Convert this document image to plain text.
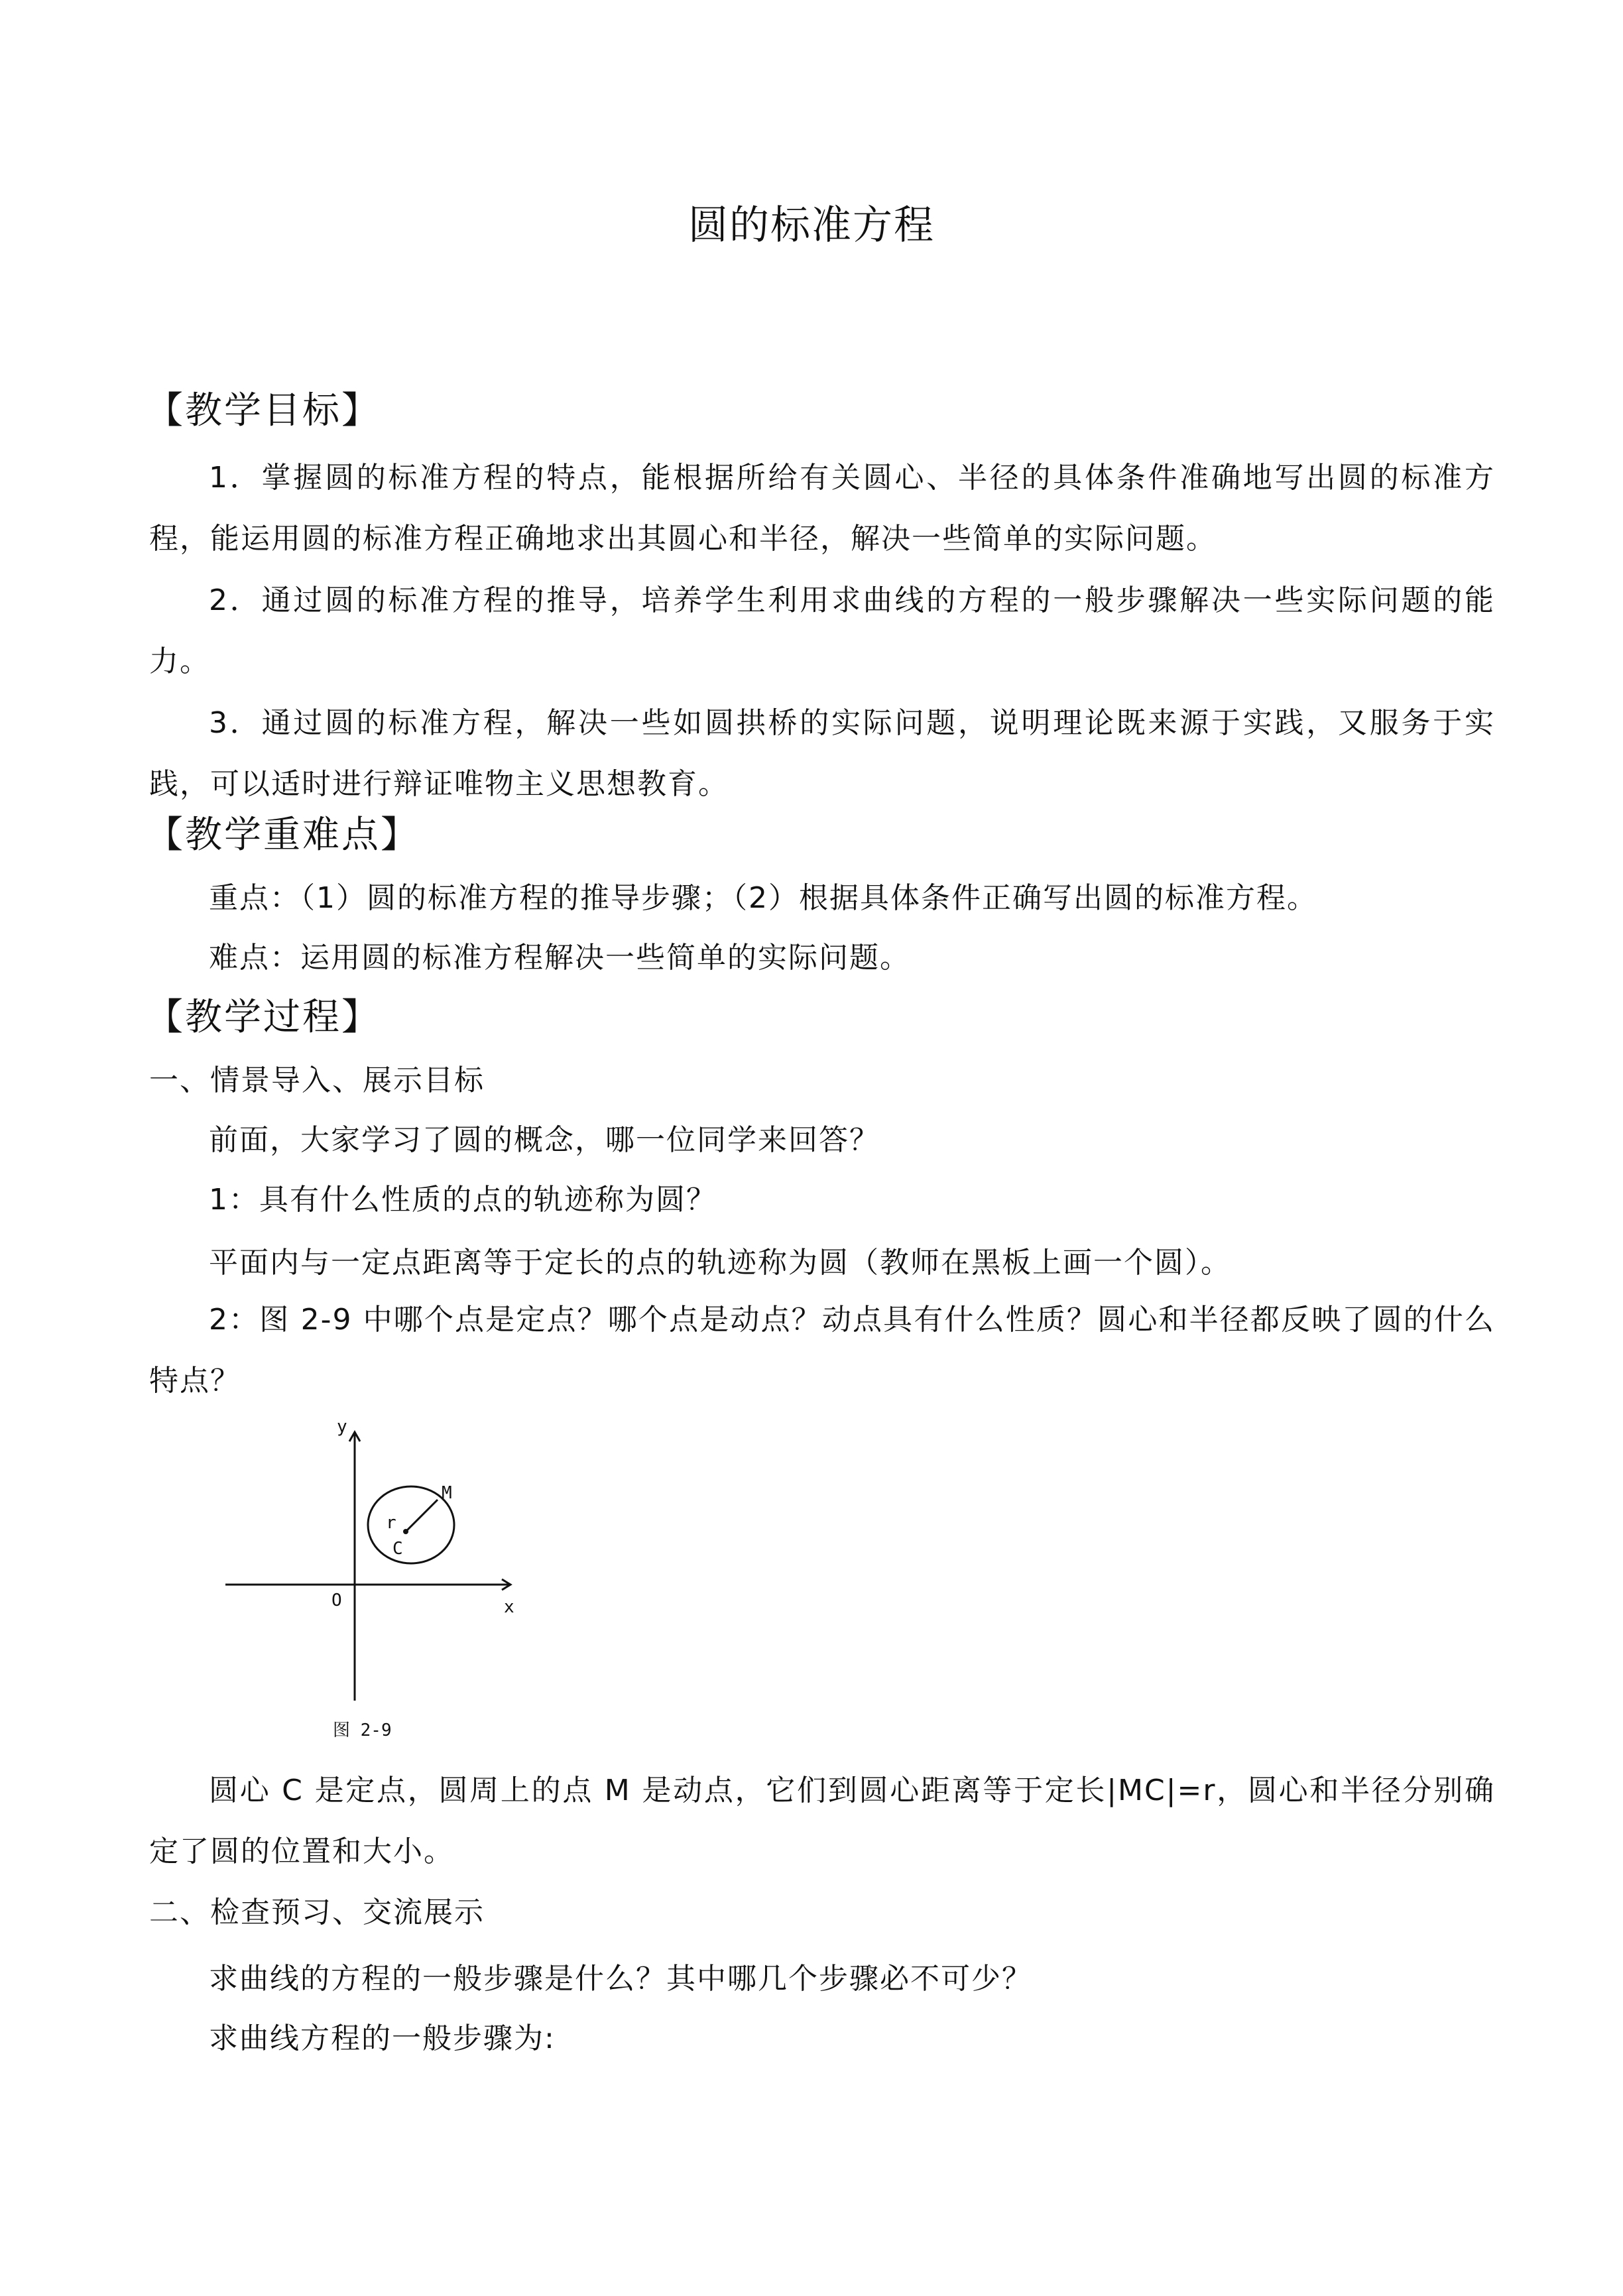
圆的标准方程
【教学目标】

1．掌握圆的标准方程的特点，能根据所给有关圆心、半径的具体条件准确地写出圆的标准方程，能运用圆的标准方程正确地求出其圆心和半径，解决一些简单的实际问题。

2．通过圆的标准方程的推导，培养学生利用求曲线的方程的一般步骤解决一些实际问题的能力。

3．通过圆的标准方程，解决一些如圆拱桥的实际问题，说明理论既来源于实践，又服务于实践，可以适时进行辩证唯物主义思想教育。

【教学重难点】
重点：（1）圆的标准方程的推导步骤；（2）根据具体条件正确写出圆的标准方程。
难点：运用圆的标准方程解决一些简单的实际问题。
【教学过程】
一、情景导入、展示目标
前面，大家学习了圆的概念，哪一位同学来回答？
1：具有什么性质的点的轨迹称为圆？
平面内与一定点距离等于定长的点的轨迹称为圆（教师在黑板上画一个圆）。

2：图 2-9 中哪个点是定点？哪个点是动点？动点具有什么性质？圆心和半径都反映了圆的什么特点？

y
x
O
C
M
r
图 2-9

圆心 C 是定点，圆周上的点 M 是动点，它们到圆心距离等于定长|MC|=r，圆心和半径分别确定了圆的位置和大小。

二、检查预习、交流展示
求曲线的方程的一般步骤是什么？其中哪几个步骤必不可少？
求曲线方程的一般步骤为:
